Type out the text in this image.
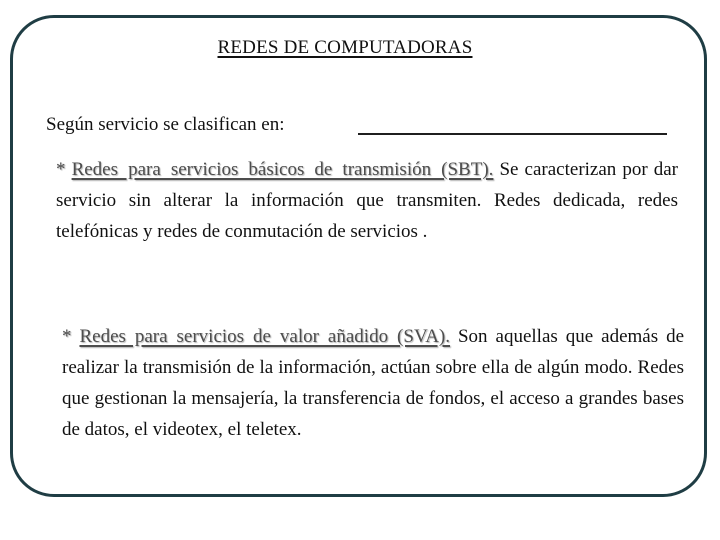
REDES DE COMPUTADORAS
Según servicio se clasifican en:

* Redes para servicios básicos de transmisión (SBT). Se caracterizan por dar servicio sin alterar la información que transmiten. Redes dedicada, redes telefónicas y redes de conmutación de servicios .

* Redes para servicios de valor añadido (SVA). Son aquellas que además de realizar la transmisión de la información, actúan sobre ella de algún modo. Redes que gestionan la mensajería, la transferencia de fondos, el acceso a grandes bases de datos, el videotex, el teletex.
